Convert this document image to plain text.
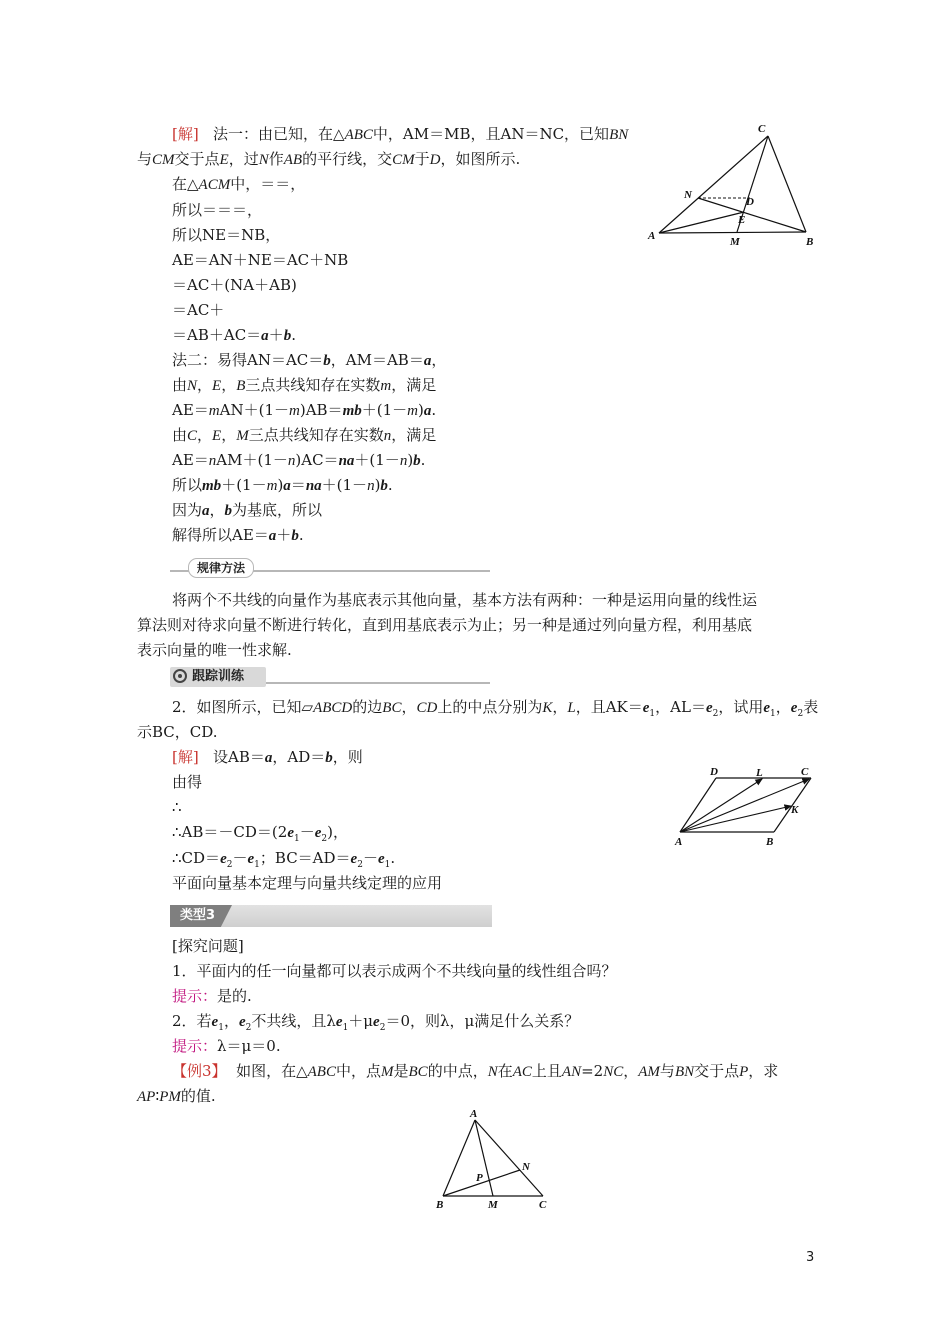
[解] 法一：由已知，在△ABC中，AM＝MB，且AN＝NC，已知BN
与CM交于点E，过N作AB的平行线，交CM于D，如图所示.
在△ACM中，＝＝，
所以＝＝＝，
所以NE＝NB，
AE＝AN＋NE＝AC＋NB
＝AC＋(NA＋AB)
＝AC＋
＝AB＋AC＝a＋b.
法二：易得AN＝AC＝b，AM＝AB＝a，
由N，E，B三点共线知存在实数m，满足
AE＝mAN＋(1－m)AB＝mb＋(1－m)a.
由C，E，M三点共线知存在实数n，满足
AE＝nAM＋(1－n)AC＝na＋(1－n)b.
所以mb＋(1－m)a＝na＋(1－n)b.
因为a，b为基底，所以
解得所以AE＝a＋b.
C
N
D
E
A	M	B
规律方法
将两个不共线的向量作为基底表示其他向量，基本方法有两种：一种是运用向量的线性运
算法则对待求向量不断进行转化，直到用基底表示为止；另一种是通过列向量方程，利用基底
表示向量的唯一性求解.
跟踪训练
2．如图所示，已知▱ABCD的边BC，CD上的中点分别为K，L，且$AK=e_1$，$AL=e_2$，试用$e_1$，$e_2$表
示BC，CD.
[解] 设AB＝a，AD＝b，则
由得
∴
$\therefore AB=-CD=(2e_1-e_2)$，
$\therefore CD=e_2-e_1$；$BC=AD=e_2-e_1$.
平面向量基本定理与向量共线定理的应用
D	L	C
K
A	B
类型3
[探究问题]
1．平面内的任一向量都可以表示成两个不共线向量的线性组合吗？
提示：是的.
2．若$e_1$，$e_2$不共线，且$\lambda e_1+\mu e_2=0$，则λ，μ满足什么关系？
提示：λ＝μ＝0.
【例3】 如图，在△ABC中，点M是BC的中点，N在AC上且AN=2NC，AM与BN交于点P，求
AP∶PM的值.
A
N
P
B	M	C
3
